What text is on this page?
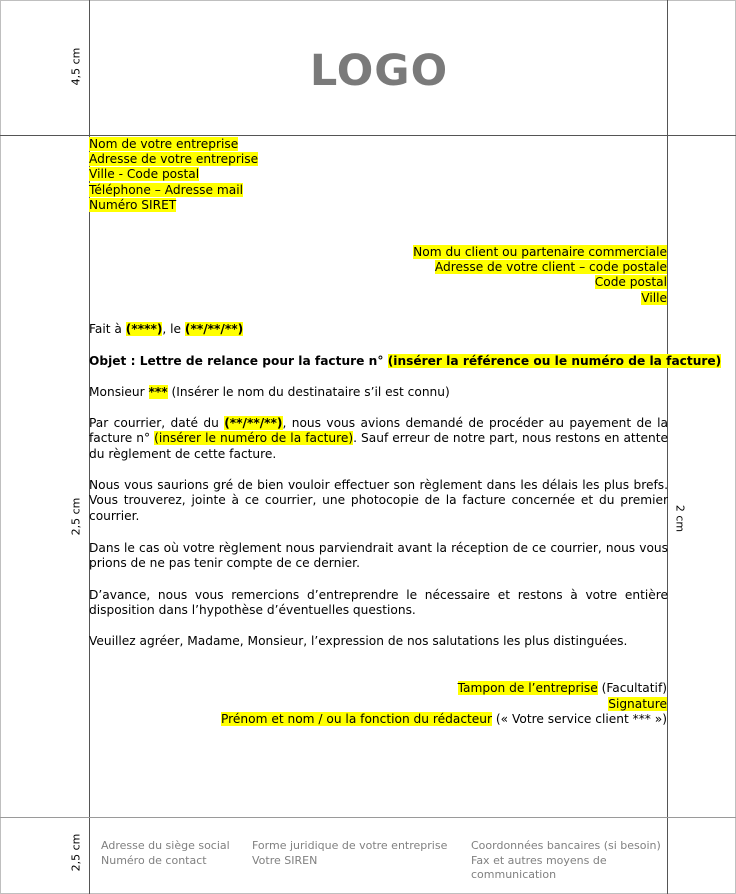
4,5 cm
2,5 cm	2 cm
2,5 cm
LOGO
Nom de votre entreprise
Adresse de votre entreprise
Ville - Code postal
Téléphone – Adresse mail
Numéro SIRET
Nom du client ou partenaire commerciale
Adresse de votre client – code postale
Code postal
Ville
Fait à (****), le (**/**/**)
Objet : Lettre de relance pour la facture n° (insérer la référence ou le numéro de la facture)
Monsieur *** (Insérer le nom du destinataire s’il est connu)
Par courrier, daté du (**/**/**), nous vous avions demandé de procéder au payement de la facture n° (insérer le numéro de la facture). Sauf erreur de notre part, nous restons en attente du règlement de cette facture.
Nous vous saurions gré de bien vouloir effectuer son règlement dans les délais les plus brefs. Vous trouverez, jointe à ce courrier, une photocopie de la facture concernée et du premier courrier.
Dans le cas où votre règlement nous parviendrait avant la réception de ce courrier, nous vous prions de ne pas tenir compte de ce dernier.
D’avance, nous vous remercions d’entreprendre le nécessaire et restons à votre entière disposition dans l’hypothèse d’éventuelles questions.
Veuillez agréer, Madame, Monsieur, l’expression de nos salutations les plus distinguées.
Tampon de l’entreprise (Facultatif)
Signature
Prénom et nom / ou la fonction du rédacteur (« Votre service client *** »)
Adresse du siège social
Numéro de contact
Forme juridique de votre entreprise
Votre SIREN
Coordonnées bancaires (si besoin)
Fax et autres moyens de
communication
